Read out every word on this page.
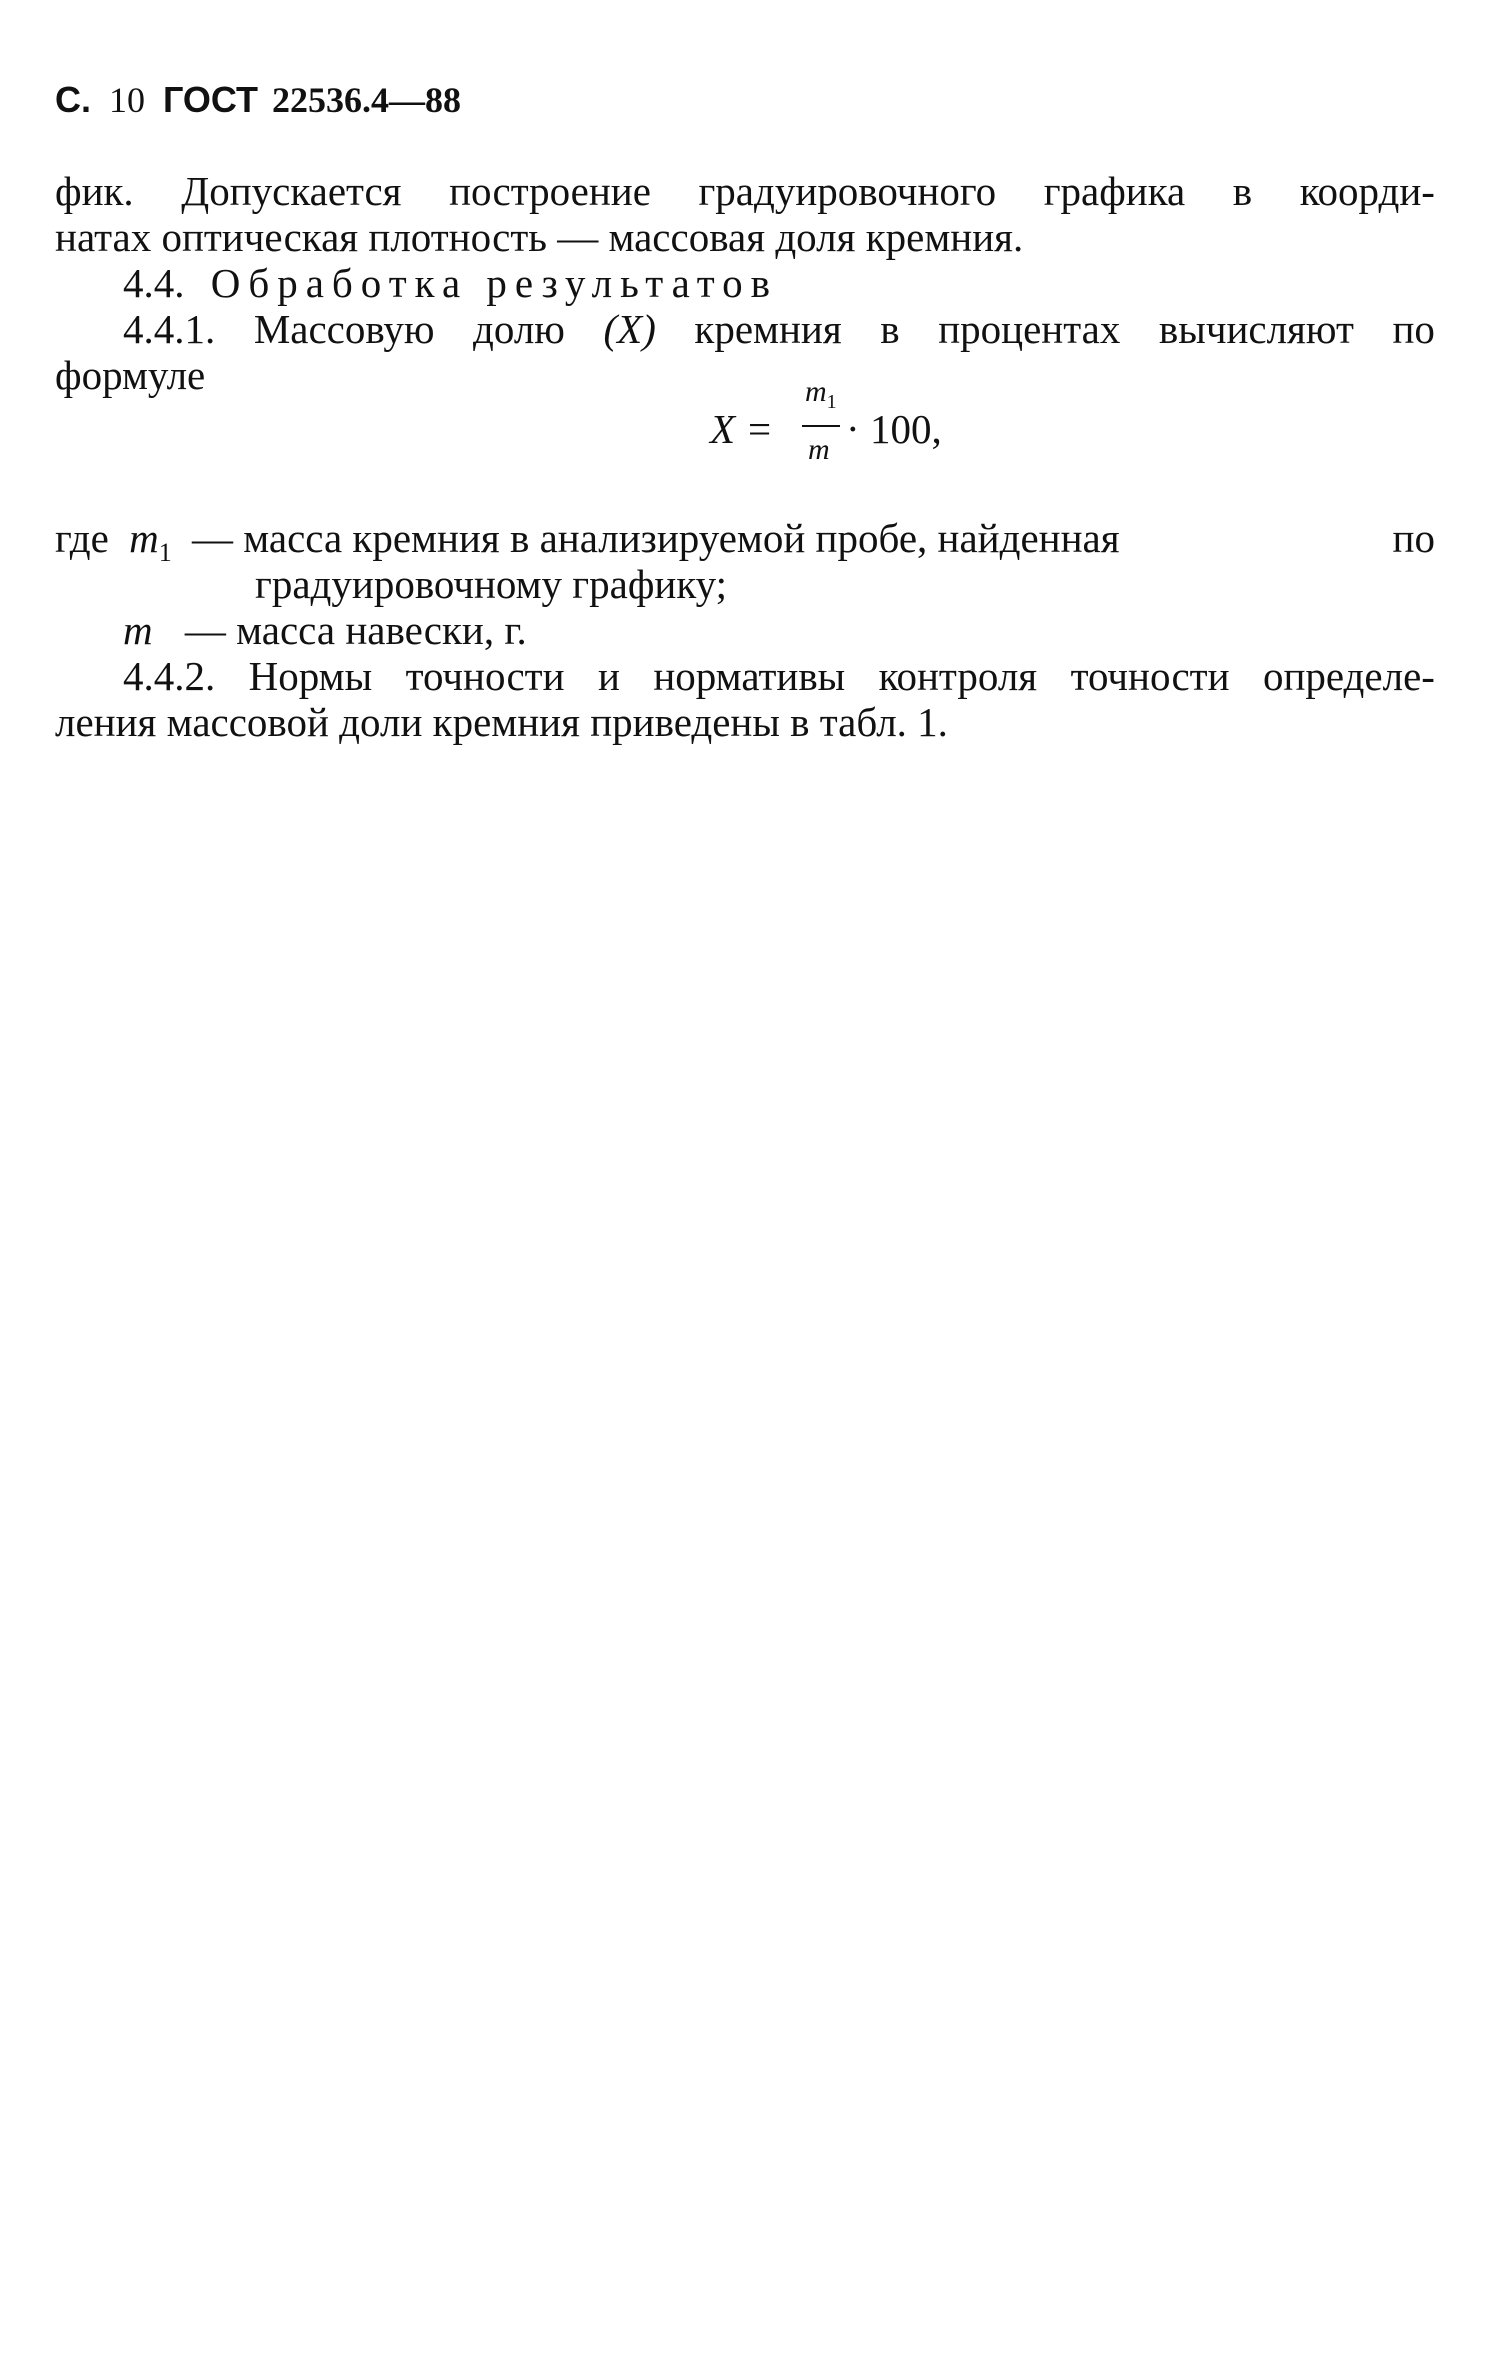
С. 10 ГОСТ 22536.4—88
фик. Допускается построение градуировочного графика в коорди-
натах оптическая плотность — массовая доля кремния.
4.4. Обработка результатов
4.4.1. Массовую долю (X) кремния в процентах вычисляют по
формуле
X =
$m_1$
m · 100,
где $m_1$ — масса кремния в анализируемой пробе, найденная	по
градуировочному графику;
m — масса навески, г.
4.4.2. Нормы точности и нормативы контроля точности определе-
ления массовой доли кремния приведены в табл. 1.
